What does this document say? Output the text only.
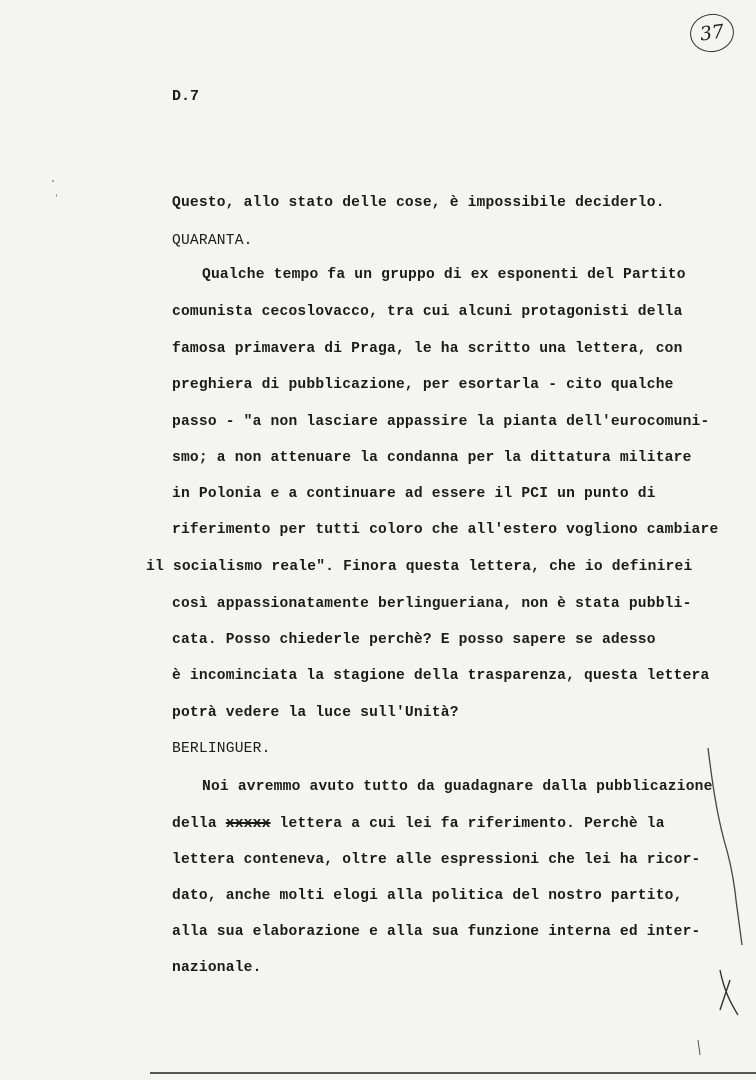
37
D.7
Questo, allo stato delle cose, è impossibile deciderlo.
QUARANTA.
Qualche tempo fa un gruppo di ex esponenti del Partito
comunista cecoslovacco, tra cui alcuni protagonisti della
famosa primavera di Praga, le ha scritto una lettera, con
preghiera di pubblicazione, per esortarla - cito qualche
passo - "a non lasciare appassire la pianta dell'eurocomuni-
smo; a non attenuare la condanna per la dittatura militare
in Polonia e a continuare ad essere il PCI un punto di
riferimento per tutti coloro che all'estero vogliono cambiare
il socialismo reale". Finora questa lettera, che io definirei
così appassionatamente berlingueriana, non è stata pubbli-
cata. Posso chiederle perchè? E posso sapere se adesso
è incominciata la stagione della trasparenza, questa lettera
potrà vedere la luce sull'Unità?
BERLINGUER.
Noi avremmo avuto tutto da guadagnare dalla pubblicazione
della xxxxx lettera a cui lei fa riferimento. Perchè la
lettera conteneva, oltre alle espressioni che lei ha ricor-
dato, anche molti elogi alla politica del nostro partito,
alla sua elaborazione e alla sua funzione interna ed inter-
nazionale.
